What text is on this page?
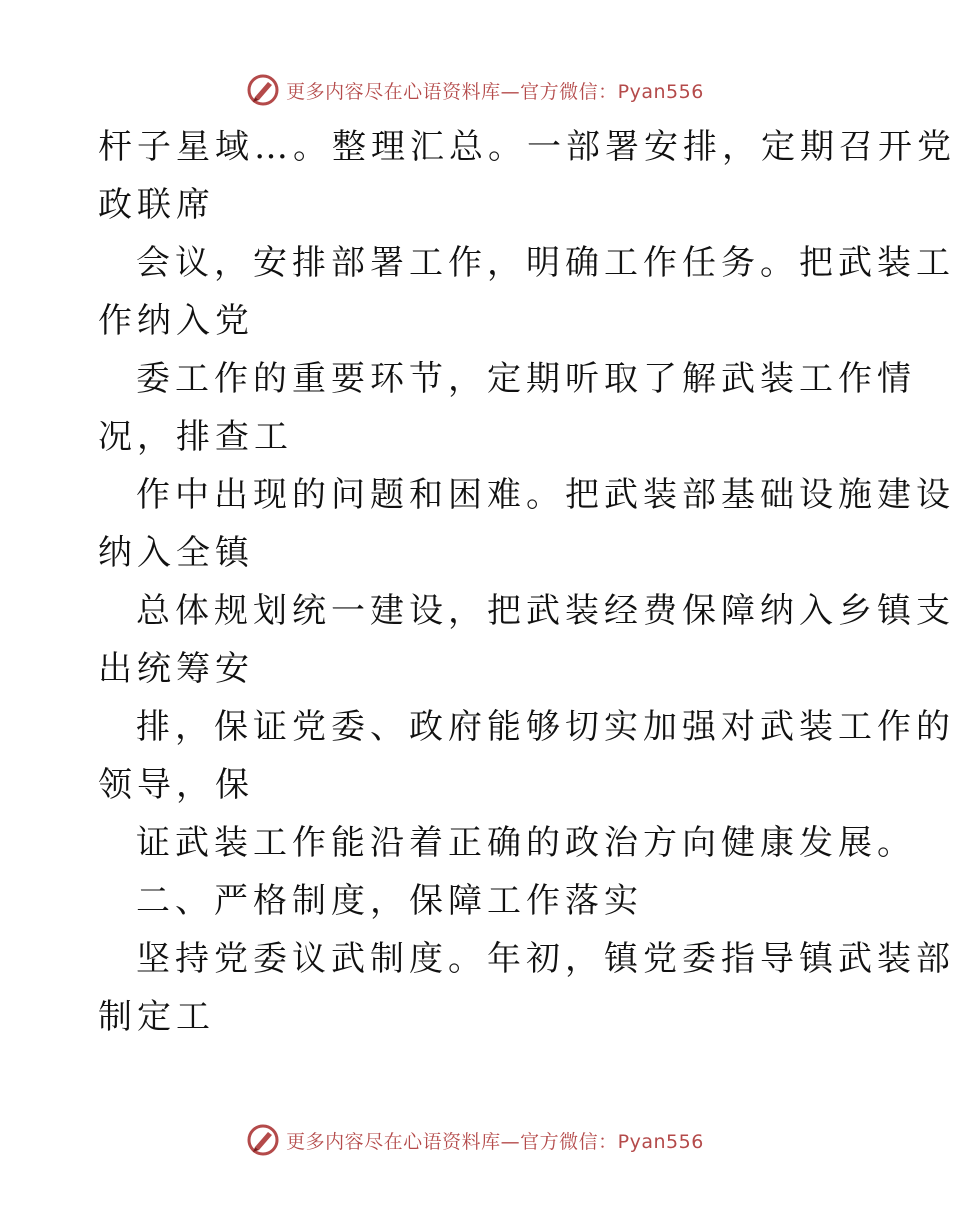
更多内容尽在心语资料库—官方微信：Pyan556
杆子星域…。整理汇总。一部署安排，定期召开党
政联席
会议，安排部署工作，明确工作任务。把武装工
作纳入党
委工作的重要环节，定期听取了解武装工作情
况，排查工
作中出现的问题和困难。把武装部基础设施建设
纳入全镇
总体规划统一建设，把武装经费保障纳入乡镇支
出统筹安
排，保证党委、政府能够切实加强对武装工作的
领导，保
证武装工作能沿着正确的政治方向健康发展。
二、严格制度，保障工作落实
坚持党委议武制度。年初，镇党委指导镇武装部
制定工
更多内容尽在心语资料库—官方微信：Pyan556
